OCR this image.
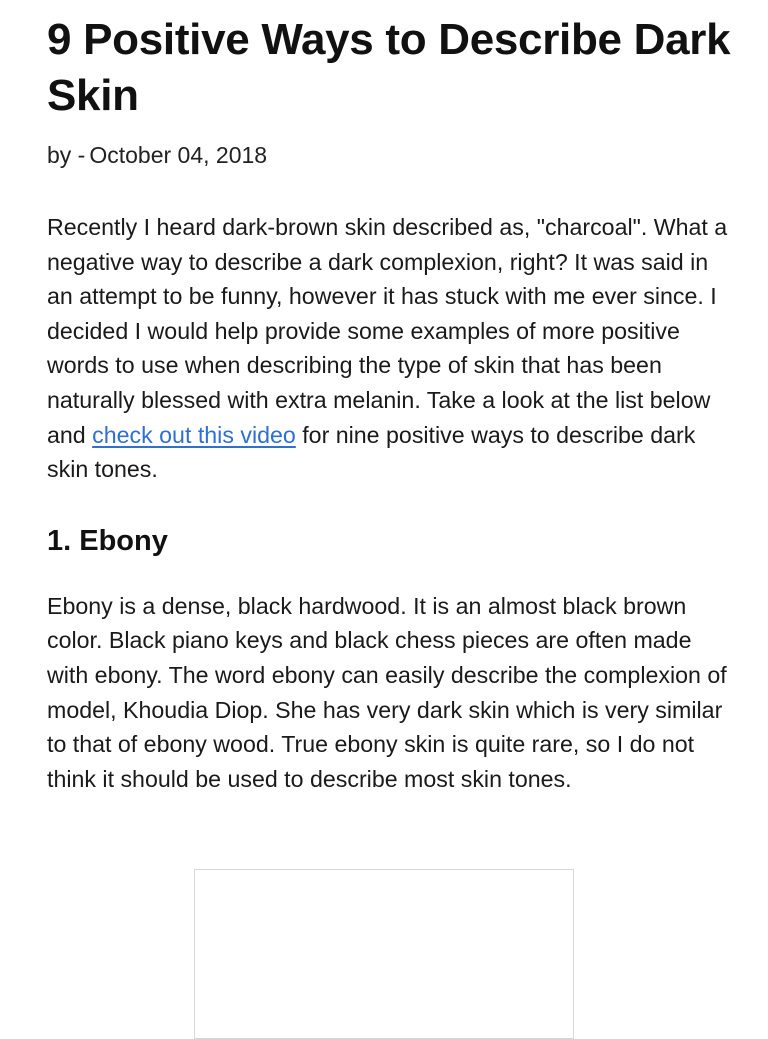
9 Positive Ways to Describe Dark Skin
by - October 04, 2018

Recently I heard dark-brown skin described as, "charcoal". What a negative way to describe a dark complexion, right? It was said in an attempt to be funny, however it has stuck with me ever since. I decided I would help provide some examples of more positive words to use when describing the type of skin that has been naturally blessed with extra melanin. Take a look at the list below and check out this video for nine positive ways to describe dark skin tones.

1. Ebony

Ebony is a dense, black hardwood. It is an almost black brown color. Black piano keys and black chess pieces are often made with ebony. The word ebony can easily describe the complexion of model, Khoudia Diop. She has very dark skin which is very similar to that of ebony wood. True ebony skin is quite rare, so I do not think it should be used to describe most skin tones.
